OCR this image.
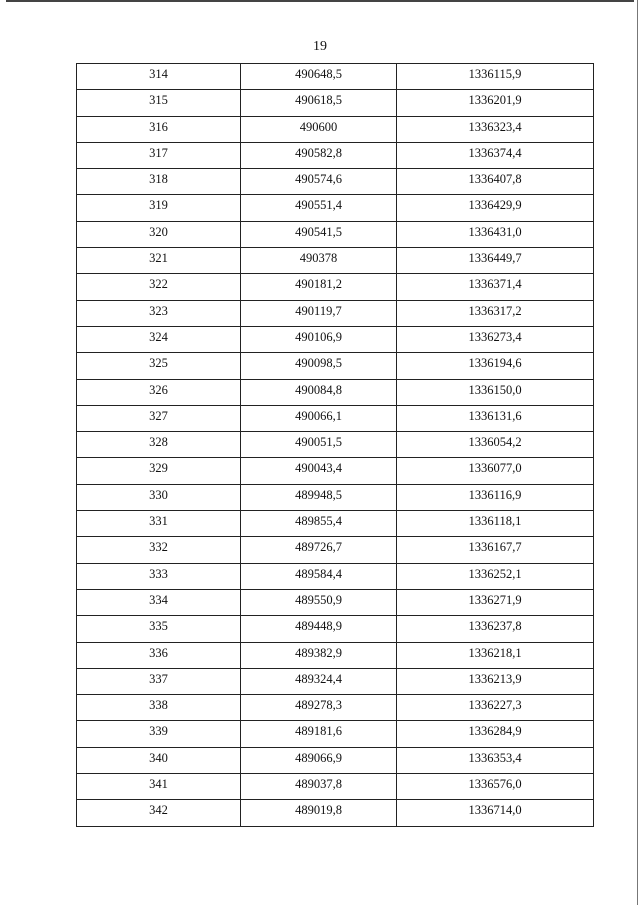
19
314	490648,5	1336115,9
315	490618,5	1336201,9
316	490600	1336323,4
317	490582,8	1336374,4
318	490574,6	1336407,8
319	490551,4	1336429,9
320	490541,5	1336431,0
321	490378	1336449,7
322	490181,2	1336371,4
323	490119,7	1336317,2
324	490106,9	1336273,4
325	490098,5	1336194,6
326	490084,8	1336150,0
327	490066,1	1336131,6
328	490051,5	1336054,2
329	490043,4	1336077,0
330	489948,5	1336116,9
331	489855,4	1336118,1
332	489726,7	1336167,7
333	489584,4	1336252,1
334	489550,9	1336271,9
335	489448,9	1336237,8
336	489382,9	1336218,1
337	489324,4	1336213,9
338	489278,3	1336227,3
339	489181,6	1336284,9
340	489066,9	1336353,4
341	489037,8	1336576,0
342	489019,8	1336714,0
